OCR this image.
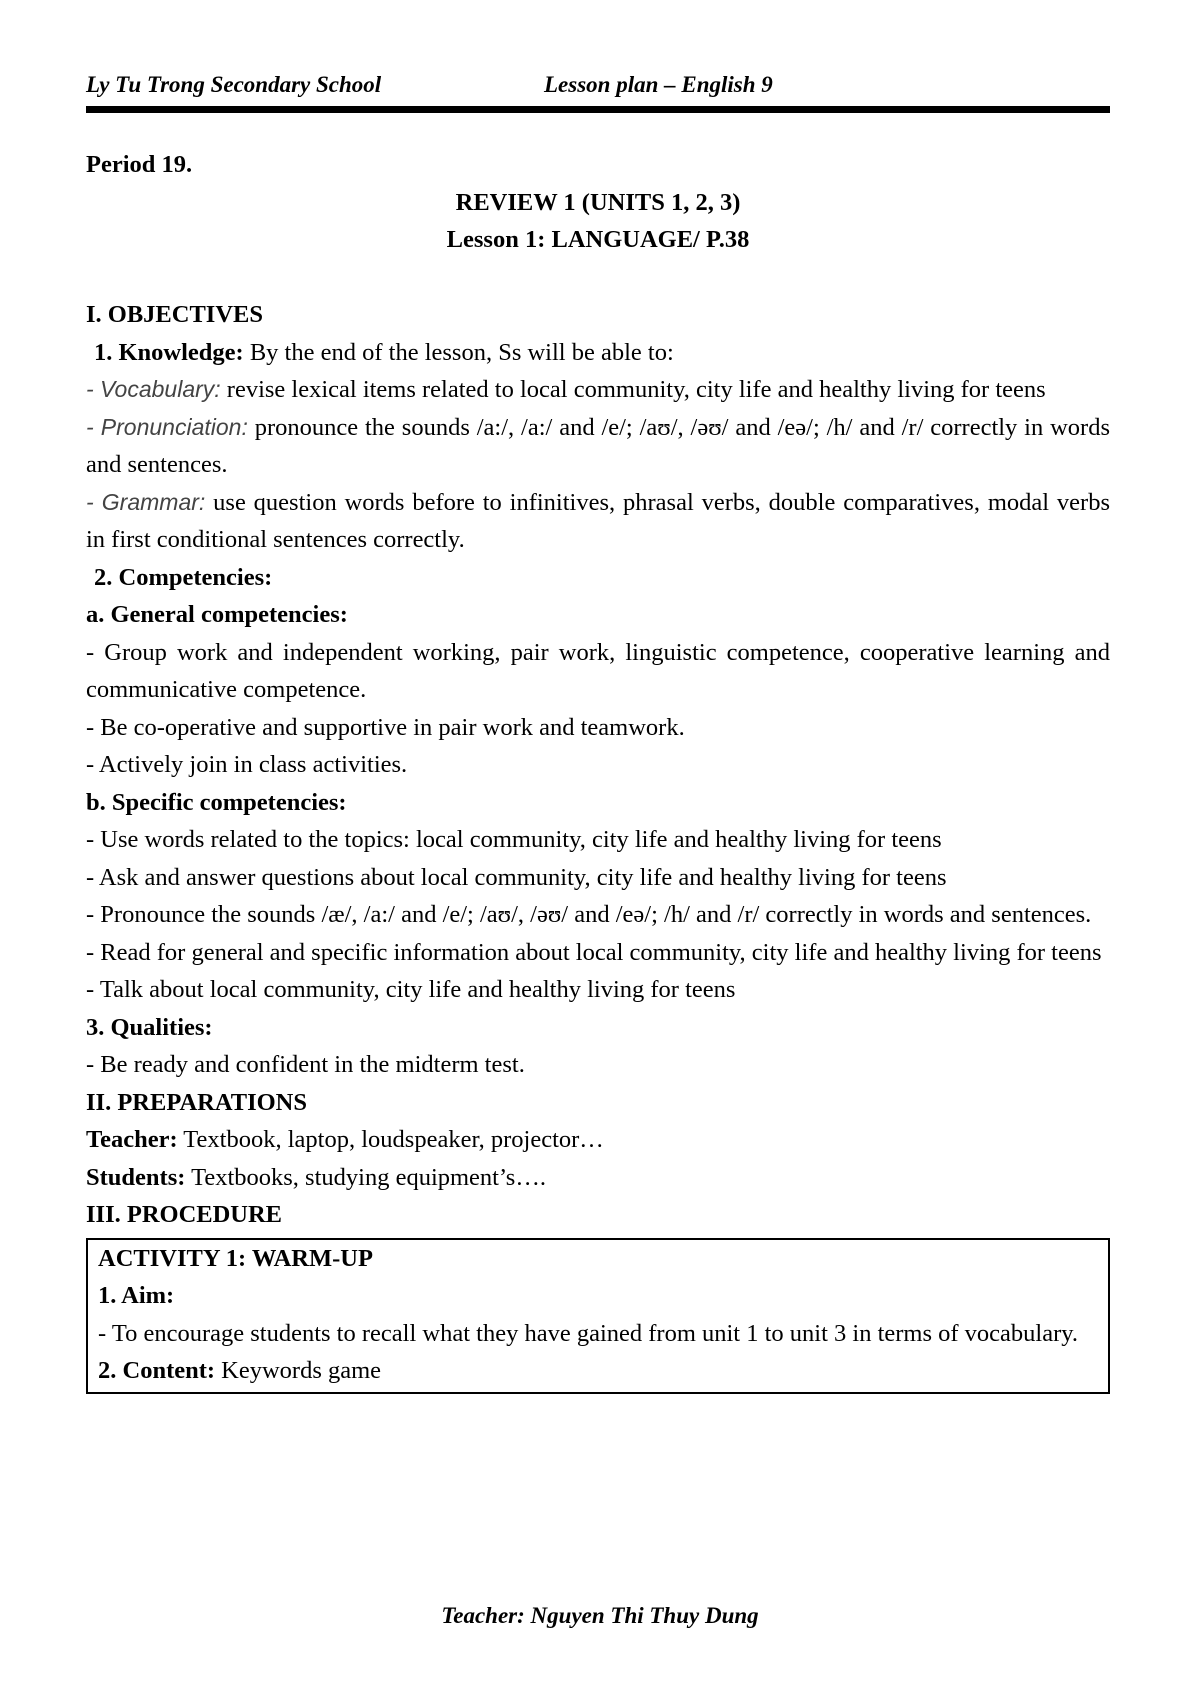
Ly Tu Trong Secondary School	Lesson plan – English 9

Period 19.

REVIEW 1 (UNITS 1, 2, 3)

Lesson 1: LANGUAGE/ P.38

I. OBJECTIVES

1. Knowledge: By the end of the lesson, Ss will be able to:

- Vocabulary: revise lexical items related to local community, city life and healthy living for teens

- Pronunciation: pronounce the sounds /a:/, /a:/ and /e/; /aʊ/, /əʊ/ and /eə/; /h/ and /r/ correctly in words and sentences.

- Grammar: use question words before to infinitives, phrasal verbs, double comparatives, modal verbs in first conditional sentences correctly.

2. Competencies:

a. General competencies:

- Group work and independent working, pair work, linguistic competence, cooperative learning and communicative competence.

- Be co-operative and supportive in pair work and teamwork.

- Actively join in class activities.

b. Specific competencies:

- Use words related to the topics: local community, city life and healthy living for teens

- Ask and answer questions about local community, city life and healthy living for teens

- Pronounce the sounds /æ/, /a:/ and /e/; /aʊ/, /əʊ/ and /eə/; /h/ and /r/ correctly in words and sentences.

- Read for general and specific information about local community, city life and healthy living for teens

- Talk about local community, city life and healthy living for teens

3. Qualities:

- Be ready and confident in the midterm test.

II. PREPARATIONS

Teacher: Textbook, laptop, loudspeaker, projector…

Students: Textbooks, studying equipment’s….

III. PROCEDURE

ACTIVITY 1: WARM-UP

1. Aim:

- To encourage students to recall what they have gained from unit 1 to unit 3 in terms of vocabulary.

2. Content: Keywords game

Teacher: Nguyen Thi Thuy Dung
